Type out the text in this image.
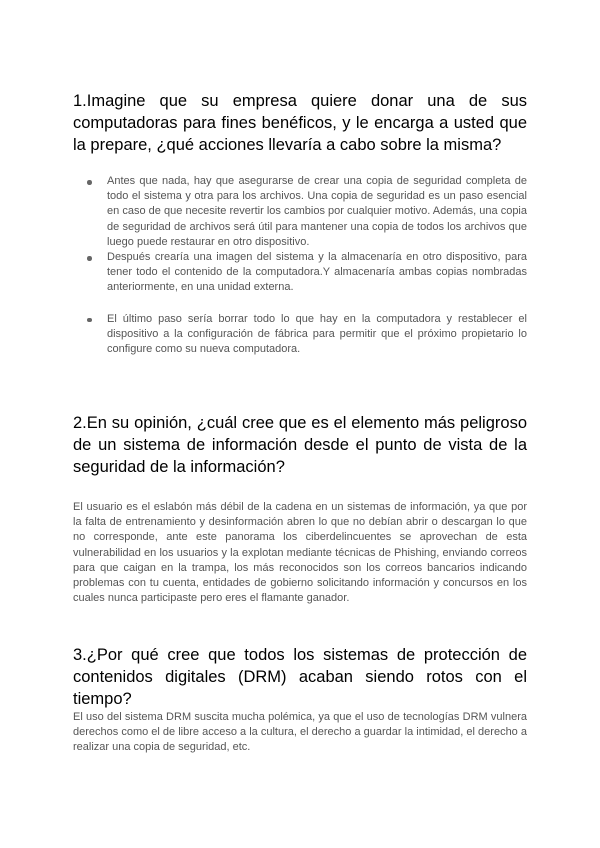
1.Imagine que su empresa quiere donar una de sus computadoras para fines benéficos, y le encarga a usted que la prepare, ¿qué acciones llevaría a cabo sobre la misma?
Antes que nada, hay que asegurarse de crear una copia de seguridad completa de todo el sistema y otra para los archivos. Una copia de seguridad es un paso esencial en caso de que necesite revertir los cambios por cualquier motivo. Además, una copia de seguridad de archivos será útil para mantener una copia de todos los archivos que luego puede restaurar en otro dispositivo.
Después crearía una imagen del sistema y la almacenaría en otro dispositivo, para tener todo el contenido de la computadora.Y almacenaría ambas copias nombradas anteriormente, en una unidad externa.
El último paso sería borrar todo lo que hay en la computadora y restablecer el dispositivo a la configuración de fábrica para permitir que el próximo propietario lo configure como su nueva computadora.
2.En su opinión, ¿cuál cree que es el elemento más peligroso de un sistema de información desde el punto de vista de la seguridad de la información?

El usuario es el eslabón más débil de la cadena en un sistemas de información, ya que por la falta de entrenamiento y desinformación abren lo que no debían abrir o descargan lo que no corresponde, ante este panorama los ciberdelincuentes se aprovechan de esta vulnerabilidad en los usuarios y la explotan mediante técnicas de Phishing, enviando correos para que caigan en la trampa, los más reconocidos son los correos bancarios indicando problemas con tu cuenta, entidades de gobierno solicitando información y concursos en los cuales nunca participaste pero eres el flamante ganador.

3.¿Por qué cree que todos los sistemas de protección de contenidos digitales (DRM) acaban siendo rotos con el tiempo?

El uso del sistema DRM suscita mucha polémica, ya que el uso de tecnologías DRM vulnera derechos como el de libre acceso a la cultura, el derecho a guardar la intimidad, el derecho a realizar una copia de seguridad, etc.
